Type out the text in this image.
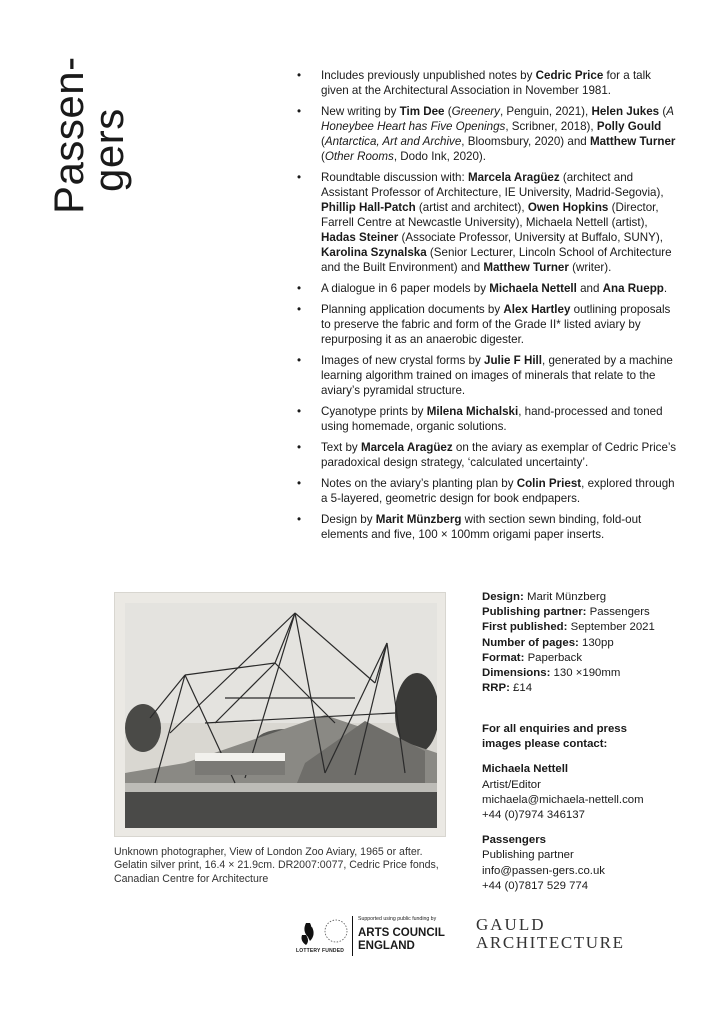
Passen-
gers
• Includes previously unpublished notes by Cedric Price for a talk given at the Architectural Association in November 1981.
• New writing by Tim Dee (Greenery, Penguin, 2021), Helen Jukes (A Honeybee Heart has Five Openings, Scribner, 2018), Polly Gould (Antarctica, Art and Archive, Bloomsbury, 2020) and Matthew Turner (Other Rooms, Dodo Ink, 2020).
• Roundtable discussion with: Marcela Aragüez (architect and Assistant Professor of Architecture, IE University, Madrid-Segovia), Phillip Hall-Patch (artist and architect), Owen Hopkins (Director, Farrell Centre at Newcastle University), Michaela Nettell (artist), Hadas Steiner (Associate Professor, University at Buffalo, SUNY), Karolina Szynalska (Senior Lecturer, Lincoln School of Architecture and the Built Environment) and Matthew Turner (writer).
• A dialogue in 6 paper models by Michaela Nettell and Ana Ruepp.
• Planning application documents by Alex Hartley outlining proposals to preserve the fabric and form of the Grade II* listed aviary by repurposing it as an anaerobic digester.
• Images of new crystal forms by Julie F Hill, generated by a machine learning algorithm trained on images of minerals that relate to the aviary’s pyramidal structure.
• Cyanotype prints by Milena Michalski, hand-processed and toned using homemade, organic solutions.
• Text by Marcela Aragüez on the aviary as exemplar of Cedric Price’s paradoxical design strategy, ‘calculated uncertainty’.
• Notes on the aviary’s planting plan by Colin Priest, explored through a 5-layered, geometric design for book endpapers.
• Design by Marit Münzberg with section sewn binding, fold-out elements and five, 100 × 100mm origami paper inserts.
Unknown photographer, View of London Zoo Aviary, 1965 or after. Gelatin silver print, 16.4 × 21.9cm. DR2007:0077, Cedric Price fonds, Canadian Centre for Architecture
Design: Marit Münzberg
Publishing partner: Passengers
First published: September 2021
Number of pages: 130pp
Format: Paperback
Dimensions: 130 ×190mm
RRP: £14
For all enquiries and press
images please contact:
Michaela Nettell
Artist/Editor
michaela@michaela-nettell.com
+44 (0)7974 346137
Passengers
Publishing partner
info@passen-gers.co.uk
+44 (0)7817 529 774
LOTTERY FUNDED
Supported using public funding by
ARTS COUNCIL
ENGLAND
GAULD
ARCHITECTURE
